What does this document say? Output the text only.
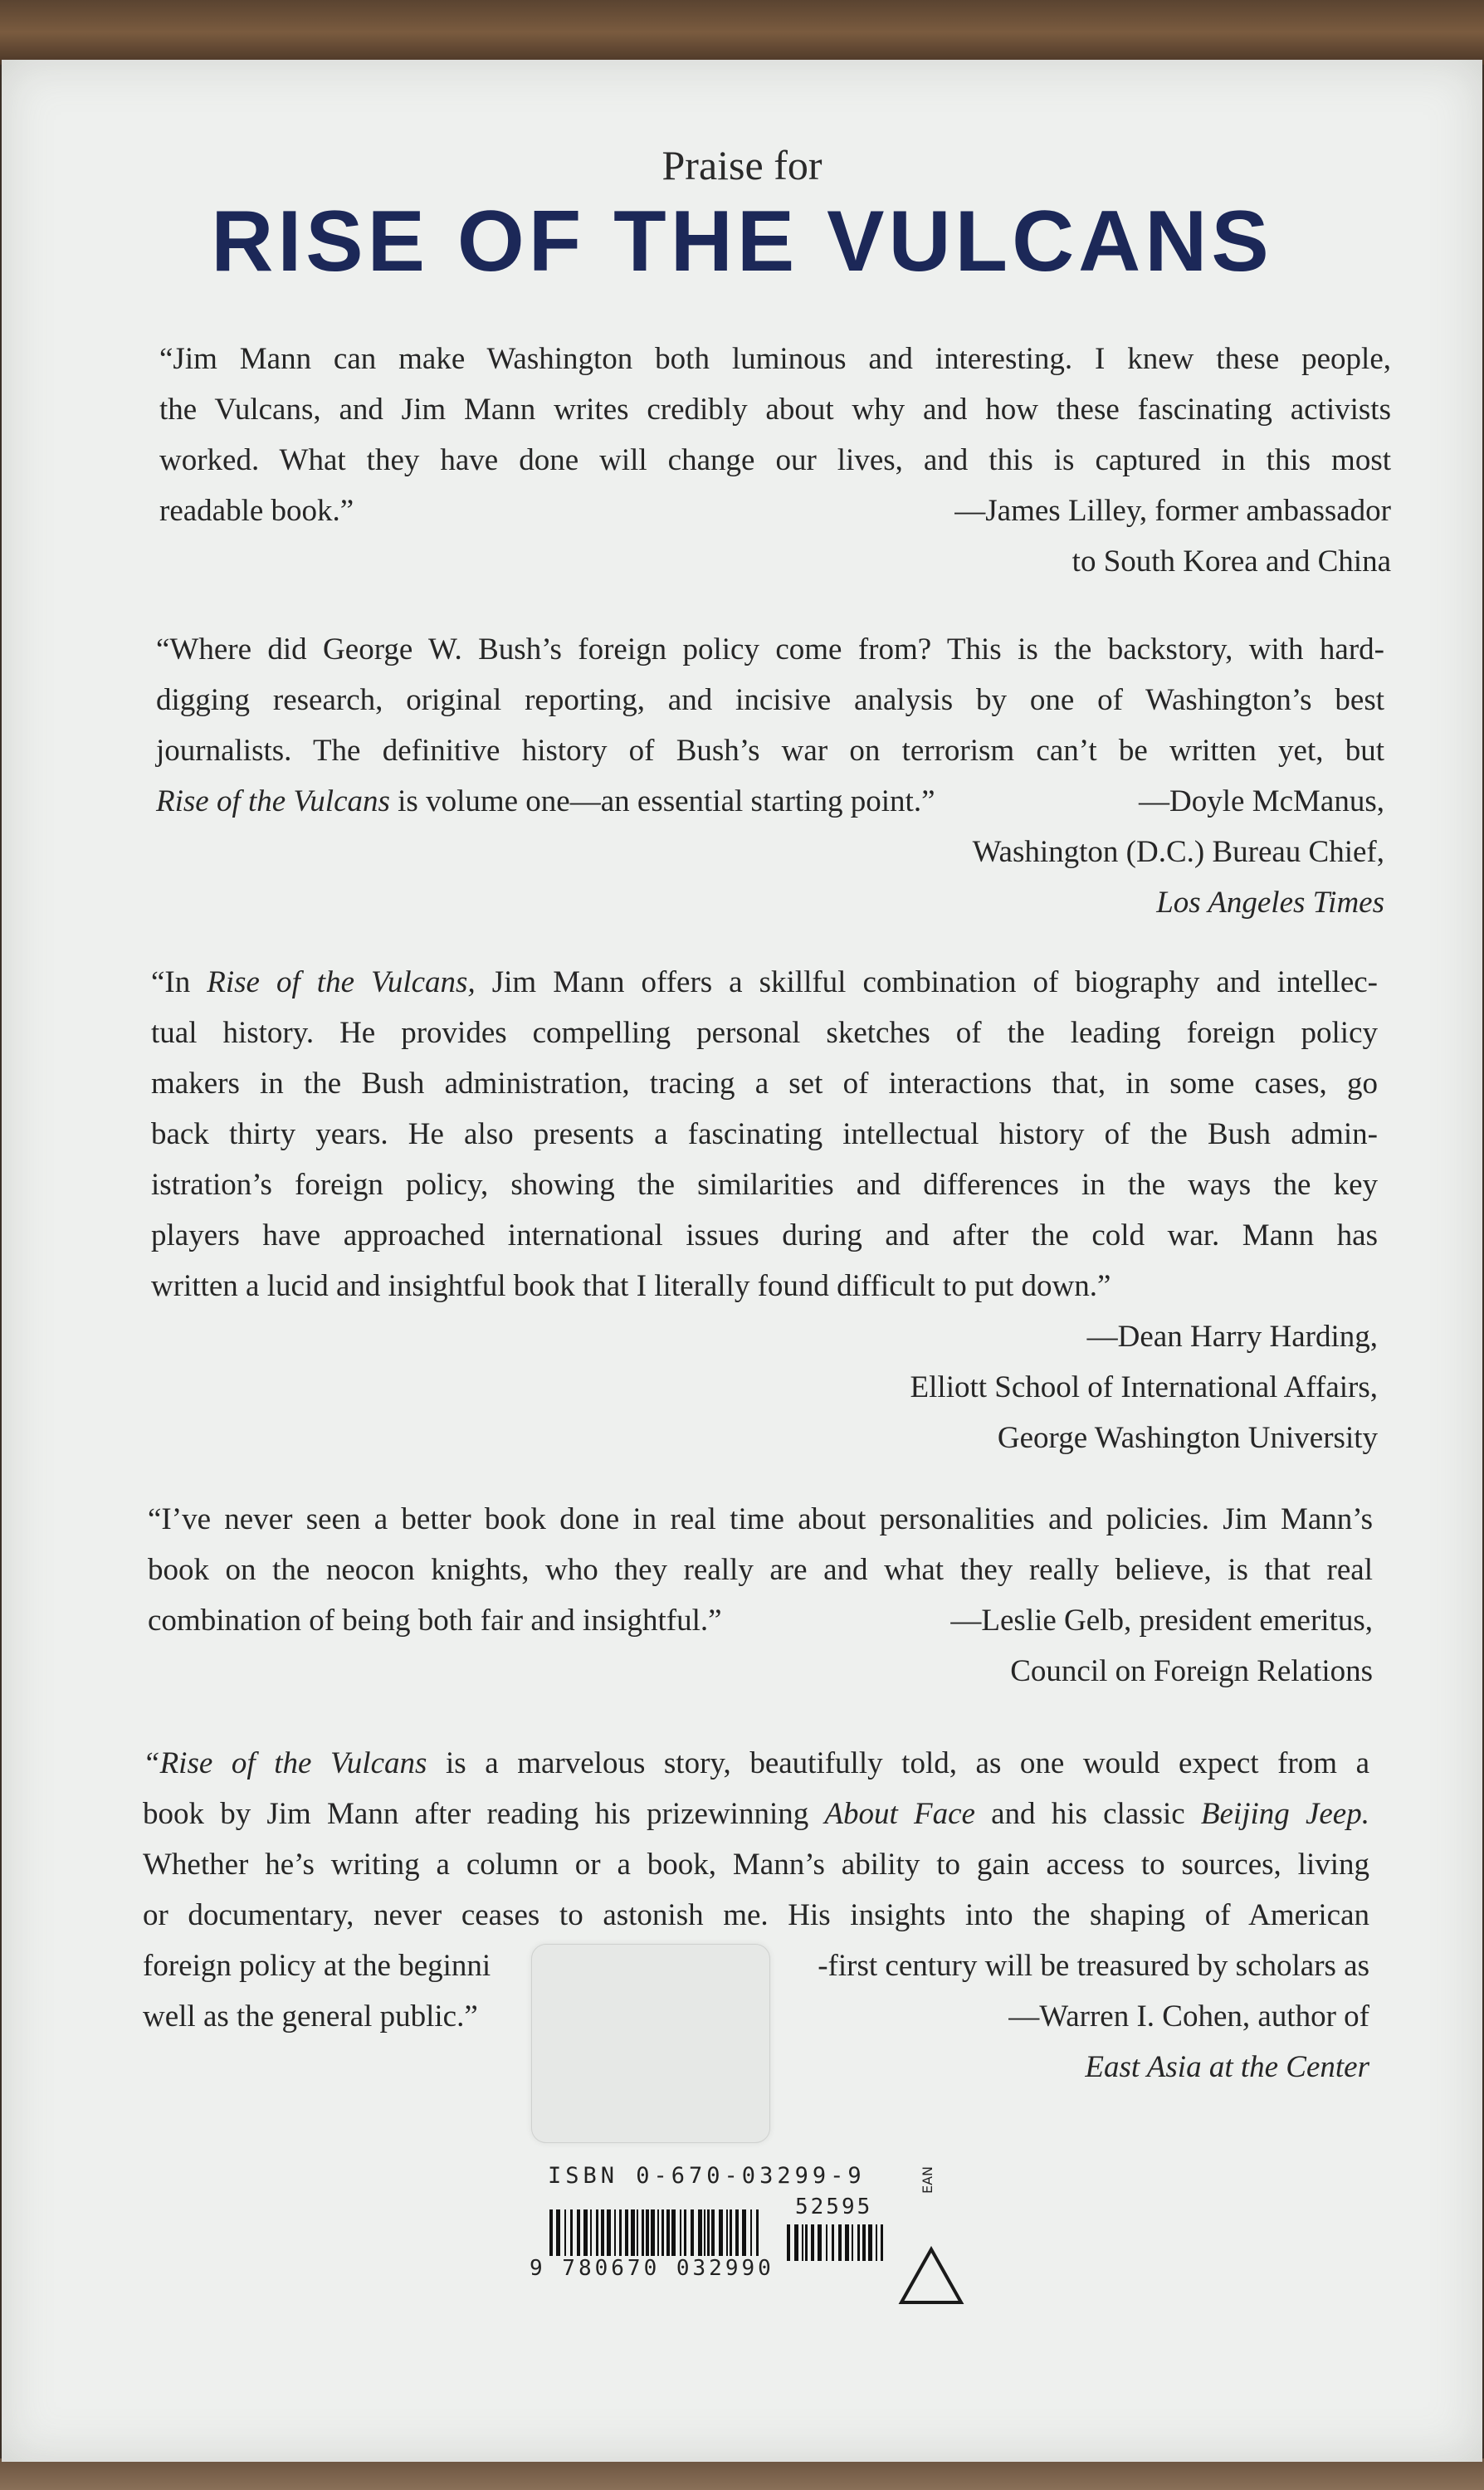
Praise for
RISE OF THE VULCANS
“Jim Mann can make Washington both luminous and interesting. I knew these people,
the Vulcans, and Jim Mann writes credibly about why and how these fascinating activists
worked. What they have done will change our lives, and this is captured in this most
readable book.”	—James Lilley, former ambassador
to South Korea and China
“Where did George W. Bush’s foreign policy come from? This is the backstory, with hard-
digging research, original reporting, and incisive analysis by one of Washington’s best
journalists. The definitive history of Bush’s war on terrorism can’t be written yet, but
Rise of the Vulcans is volume one—an essential starting point.”	—Doyle McManus,
Washington (D.C.) Bureau Chief,
Los Angeles Times
“In Rise of the Vulcans, Jim Mann offers a skillful combination of biography and intellec-
tual history. He provides compelling personal sketches of the leading foreign policy
makers in the Bush administration, tracing a set of interactions that, in some cases, go
back thirty years. He also presents a fascinating intellectual history of the Bush admin-
istration’s foreign policy, showing the similarities and differences in the ways the key
players have approached international issues during and after the cold war. Mann has
written a lucid and insightful book that I literally found difficult to put down.”
—Dean Harry Harding,
Elliott School of International Affairs,
George Washington University
“I’ve never seen a better book done in real time about personalities and policies. Jim Mann’s
book on the neocon knights, who they really are and what they really believe, is that real
combination of being both fair and insightful.”	—Leslie Gelb, president emeritus,
Council on Foreign Relations
“Rise of the Vulcans is a marvelous story, beautifully told, as one would expect from a
book by Jim Mann after reading his prizewinning About Face and his classic Beijing Jeep.
Whether he’s writing a column or a book, Mann’s ability to gain access to sources, living
or documentary, never ceases to astonish me. His insights into the shaping of American
foreign policy at the beginni	-first century will be treasured by scholars as
well as the general public.”	—Warren I. Cohen, author of
East Asia at the Center
ISBN 0-670-03299-9
52595
EAN
9 780670 032990
